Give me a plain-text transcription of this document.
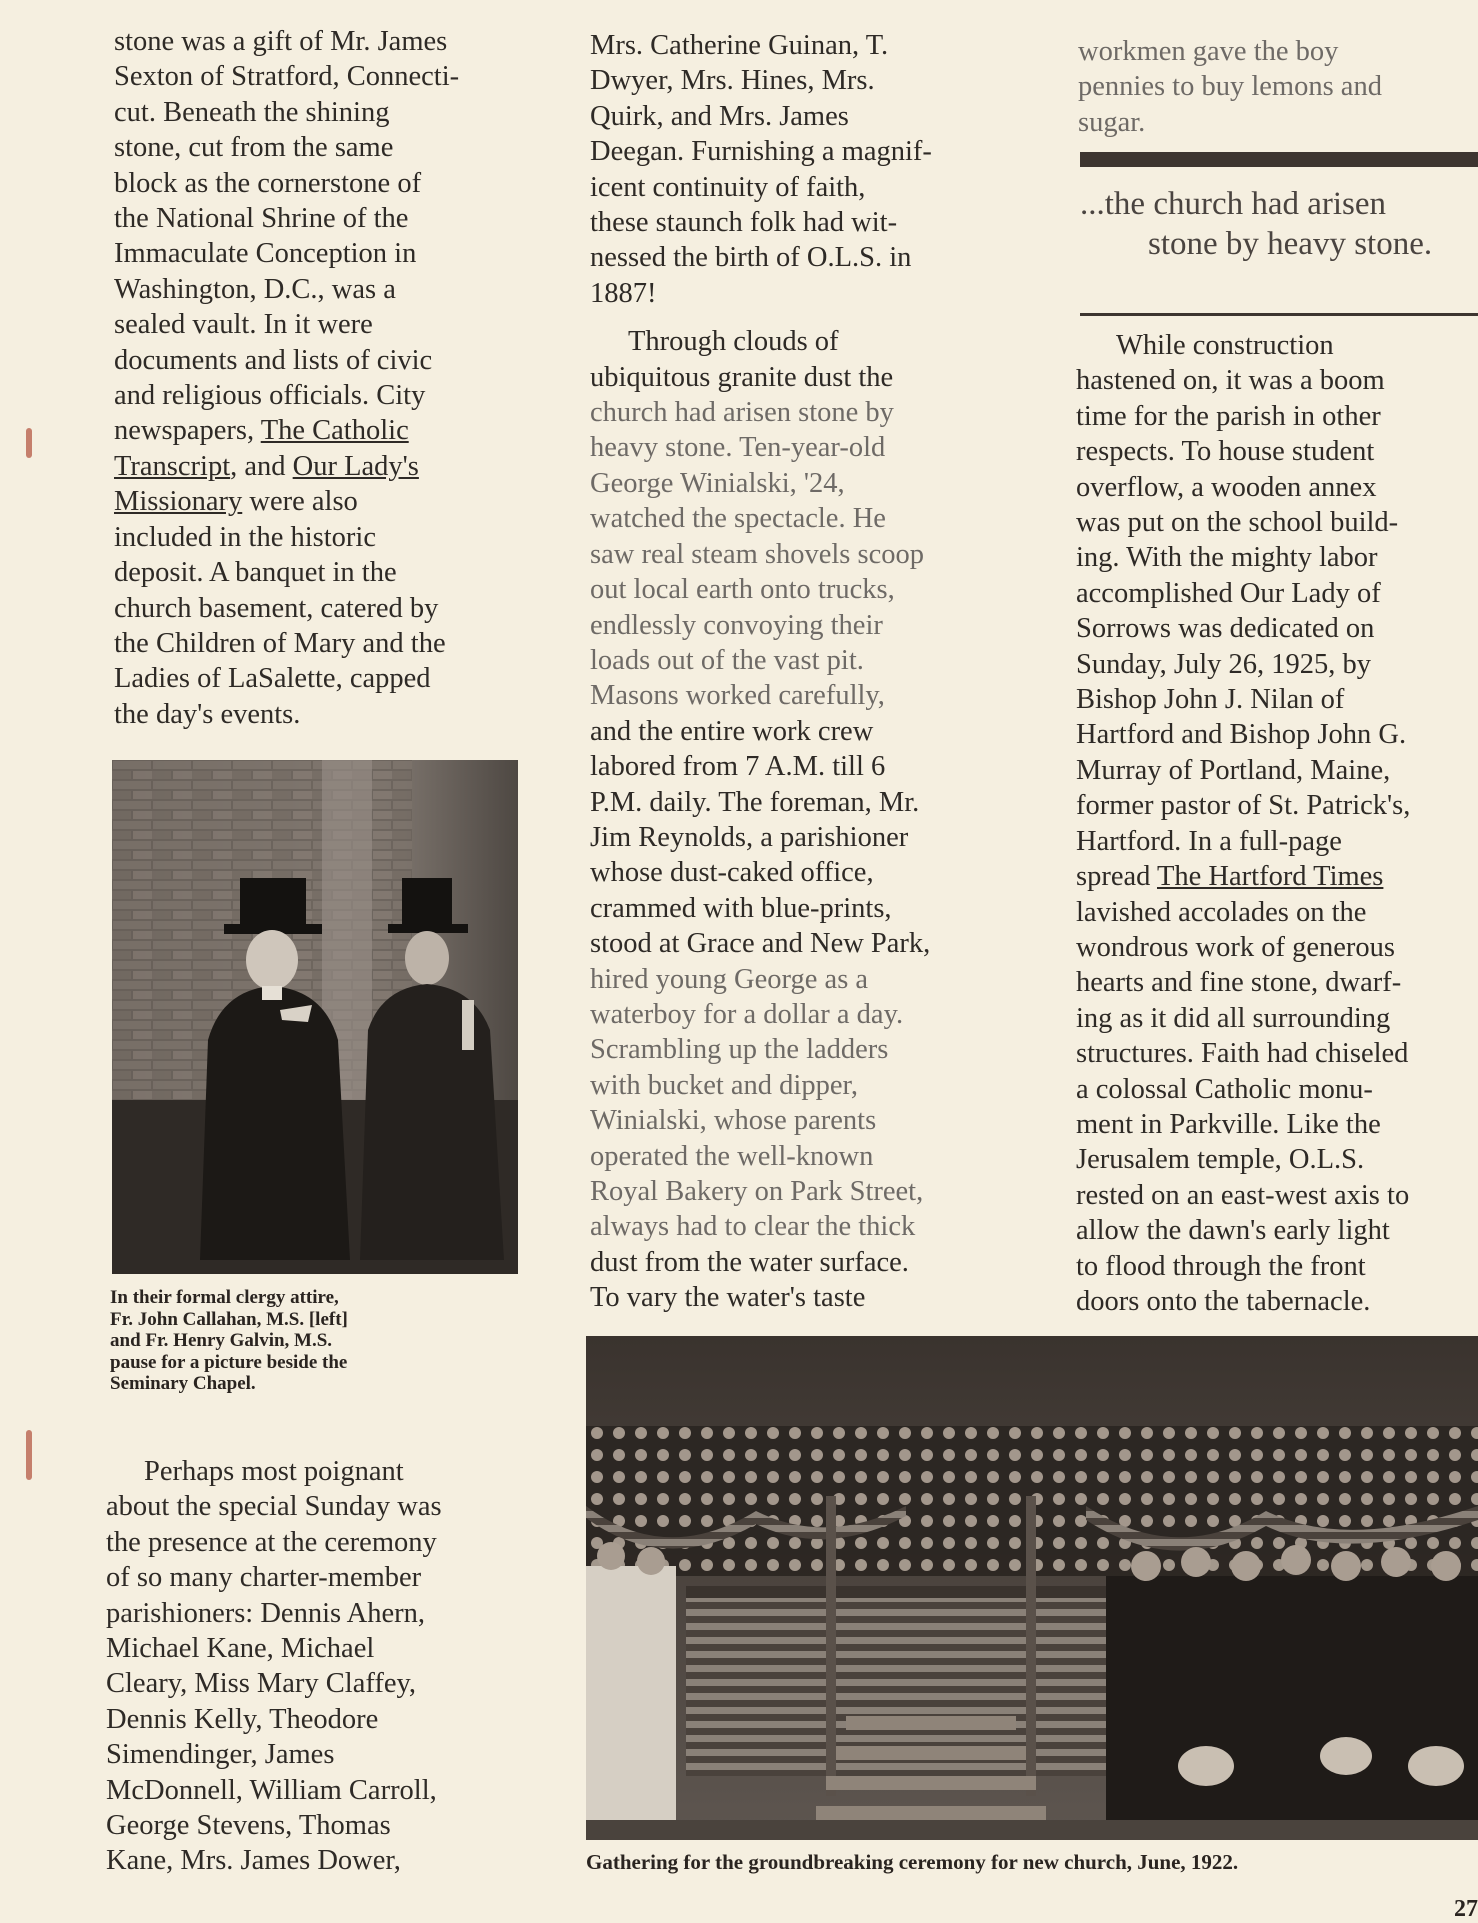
stone was a gift of Mr. James
Sexton of Stratford, Connecti-
cut. Beneath the shining
stone, cut from the same
block as the cornerstone of
the National Shrine of the
Immaculate Conception in
Washington, D.C., was a
sealed vault. In it were
documents and lists of civic
and religious officials. City
newspapers, The Catholic
Transcript, and Our Lady's
Missionary were also
included in the historic
deposit. A banquet in the
church basement, catered by
the Children of Mary and the
Ladies of LaSalette, capped
the day's events.

In their formal clergy attire,
Fr. John Callahan, M.S. [left]
and Fr. Henry Galvin, M.S.
pause for a picture beside the
Seminary Chapel.

Perhaps most poignant
about the special Sunday was
the presence at the ceremony
of so many charter-member
parishioners: Dennis Ahern,
Michael Kane, Michael
Cleary, Miss Mary Claffey,
Dennis Kelly, Theodore
Simendinger, James
McDonnell, William Carroll,
George Stevens, Thomas
Kane, Mrs. James Dower,

Mrs. Catherine Guinan, T.
Dwyer, Mrs. Hines, Mrs.
Quirk, and Mrs. James
Deegan. Furnishing a magnif-
icent continuity of faith,
these staunch folk had wit-
nessed the birth of O.L.S. in
1887!

Through clouds of
ubiquitous granite dust the
church had arisen stone by
heavy stone. Ten-year-old
George Winialski, '24,
watched the spectacle. He
saw real steam shovels scoop
out local earth onto trucks,
endlessly convoying their
loads out of the vast pit.
Masons worked carefully,
and the entire work crew
labored from 7 A.M. till 6
P.M. daily. The foreman, Mr.
Jim Reynolds, a parishioner
whose dust-caked office,
crammed with blue-prints,
stood at Grace and New Park,
hired young George as a
waterboy for a dollar a day.
Scrambling up the ladders
with bucket and dipper,
Winialski, whose parents
operated the well-known
Royal Bakery on Park Street,
always had to clear the thick
dust from the water surface.
To vary the water's taste

workmen gave the boy
pennies to buy lemons and
sugar.

...the church had arisen
stone by heavy stone.

While construction
hastened on, it was a boom
time for the parish in other
respects. To house student
overflow, a wooden annex
was put on the school build-
ing. With the mighty labor
accomplished Our Lady of
Sorrows was dedicated on
Sunday, July 26, 1925, by
Bishop John J. Nilan of
Hartford and Bishop John G.
Murray of Portland, Maine,
former pastor of St. Patrick's,
Hartford. In a full-page
spread The Hartford Times
lavished accolades on the
wondrous work of generous
hearts and fine stone, dwarf-
ing as it did all surrounding
structures. Faith had chiseled
a colossal Catholic monu-
ment in Parkville. Like the
Jerusalem temple, O.L.S.
rested on an east-west axis to
allow the dawn's early light
to flood through the front
doors onto the tabernacle.

Gathering for the groundbreaking ceremony for new church, June, 1922.
27
